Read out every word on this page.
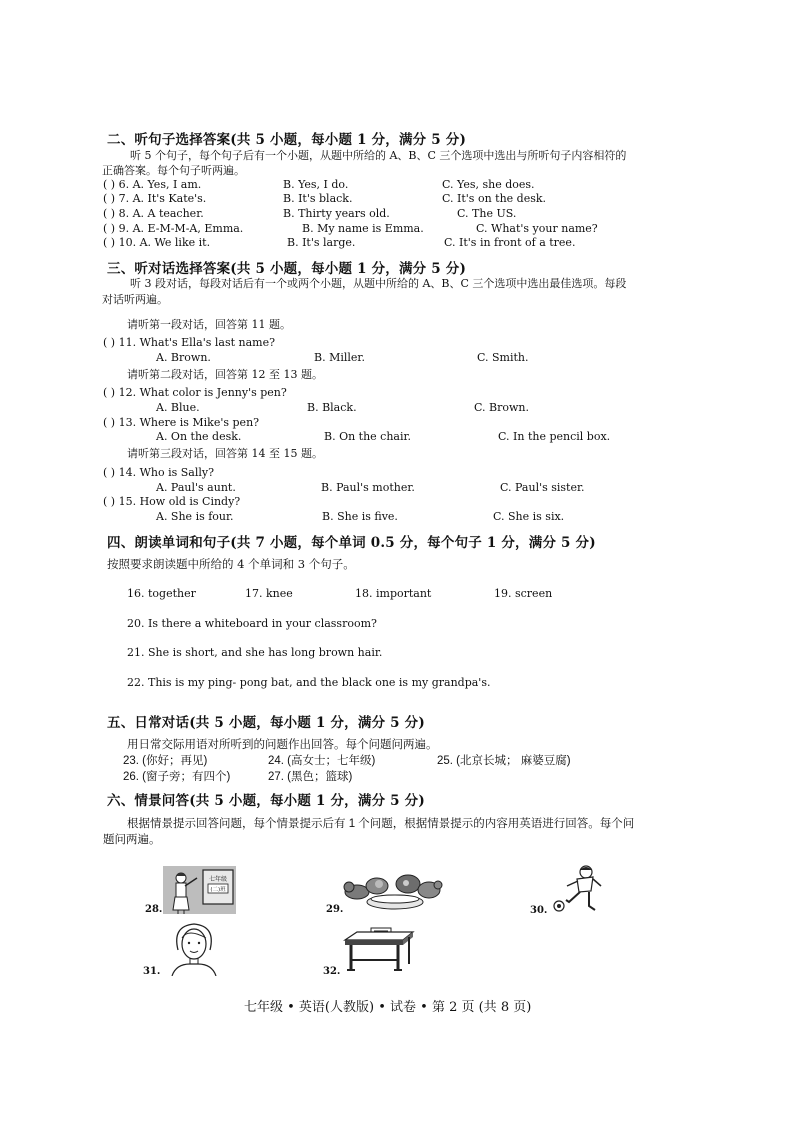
二、听句子选择答案(共 5 小题，每小题 1 分，满分 5 分)
听 5 个句子，每个句子后有一个小题，从题中所给的 A、B、C 三个选项中选出与所听句子内容相符的
正确答案。每个句子听两遍。
( ) 6. A. Yes, I am.	B. Yes, I do.	C. Yes, she does.
( ) 7. A. It's Kate's.	B. It's black.	C. It's on the desk.
( ) 8. A. A teacher.	B. Thirty years old.	C. The US.
( ) 9. A. E-M-M-A, Emma.	B. My name is Emma.	C. What's your name?
( ) 10. A. We like it.	B. It's large.	C. It's in front of a tree.
三、听对话选择答案(共 5 小题，每小题 1 分，满分 5 分)
听 3 段对话，每段对话后有一个或两个小题，从题中所给的 A、B、C 三个选项中选出最佳选项。每段
对话听两遍。
请听第一段对话，回答第 11 题。
( ) 11. What's Ella's last name?
A. Brown.	B. Miller.	C. Smith.
请听第二段对话，回答第 12 至 13 题。
( ) 12. What color is Jenny's pen?
A. Blue.	B. Black.	C. Brown.
( ) 13. Where is Mike's pen?
A. On the desk.	B. On the chair.	C. In the pencil box.
请听第三段对话，回答第 14 至 15 题。
( ) 14. Who is Sally?
A. Paul's aunt.	B. Paul's mother.	C. Paul's sister.
( ) 15. How old is Cindy?
A. She is four.	B. She is five.	C. She is six.
四、朗读单词和句子(共 7 小题，每个单词 0.5 分，每个句子 1 分，满分 5 分)
按照要求朗读题中所给的 4 个单词和 3 个句子。
16. together	17. knee	18. important	19. screen
20. Is there a whiteboard in your classroom?
21. She is short, and she has long brown hair.
22. This is my ping- pong bat, and the black one is my grandpa's.
五、日常对话(共 5 小题，每小题 1 分，满分 5 分)
用日常交际用语对所听到的问题作出回答。每个问题问两遍。
23. (你好；再见)	24. (高女士；七年级)	25. (北京长城； 麻婆豆腐)
26. (窗子旁；有四个)	27. (黑色；篮球)
六、情景问答(共 5 小题，每小题 1 分，满分 5 分)
根据情景提示回答问题，每个情景提示后有 1 个问题，根据情景提示的内容用英语进行回答。每个问
题问两遍。
28.
七年级
(二)班
29.	30.
31.	32.
七年级 • 英语(人教版) • 试卷 • 第 2 页 (共 8 页)
